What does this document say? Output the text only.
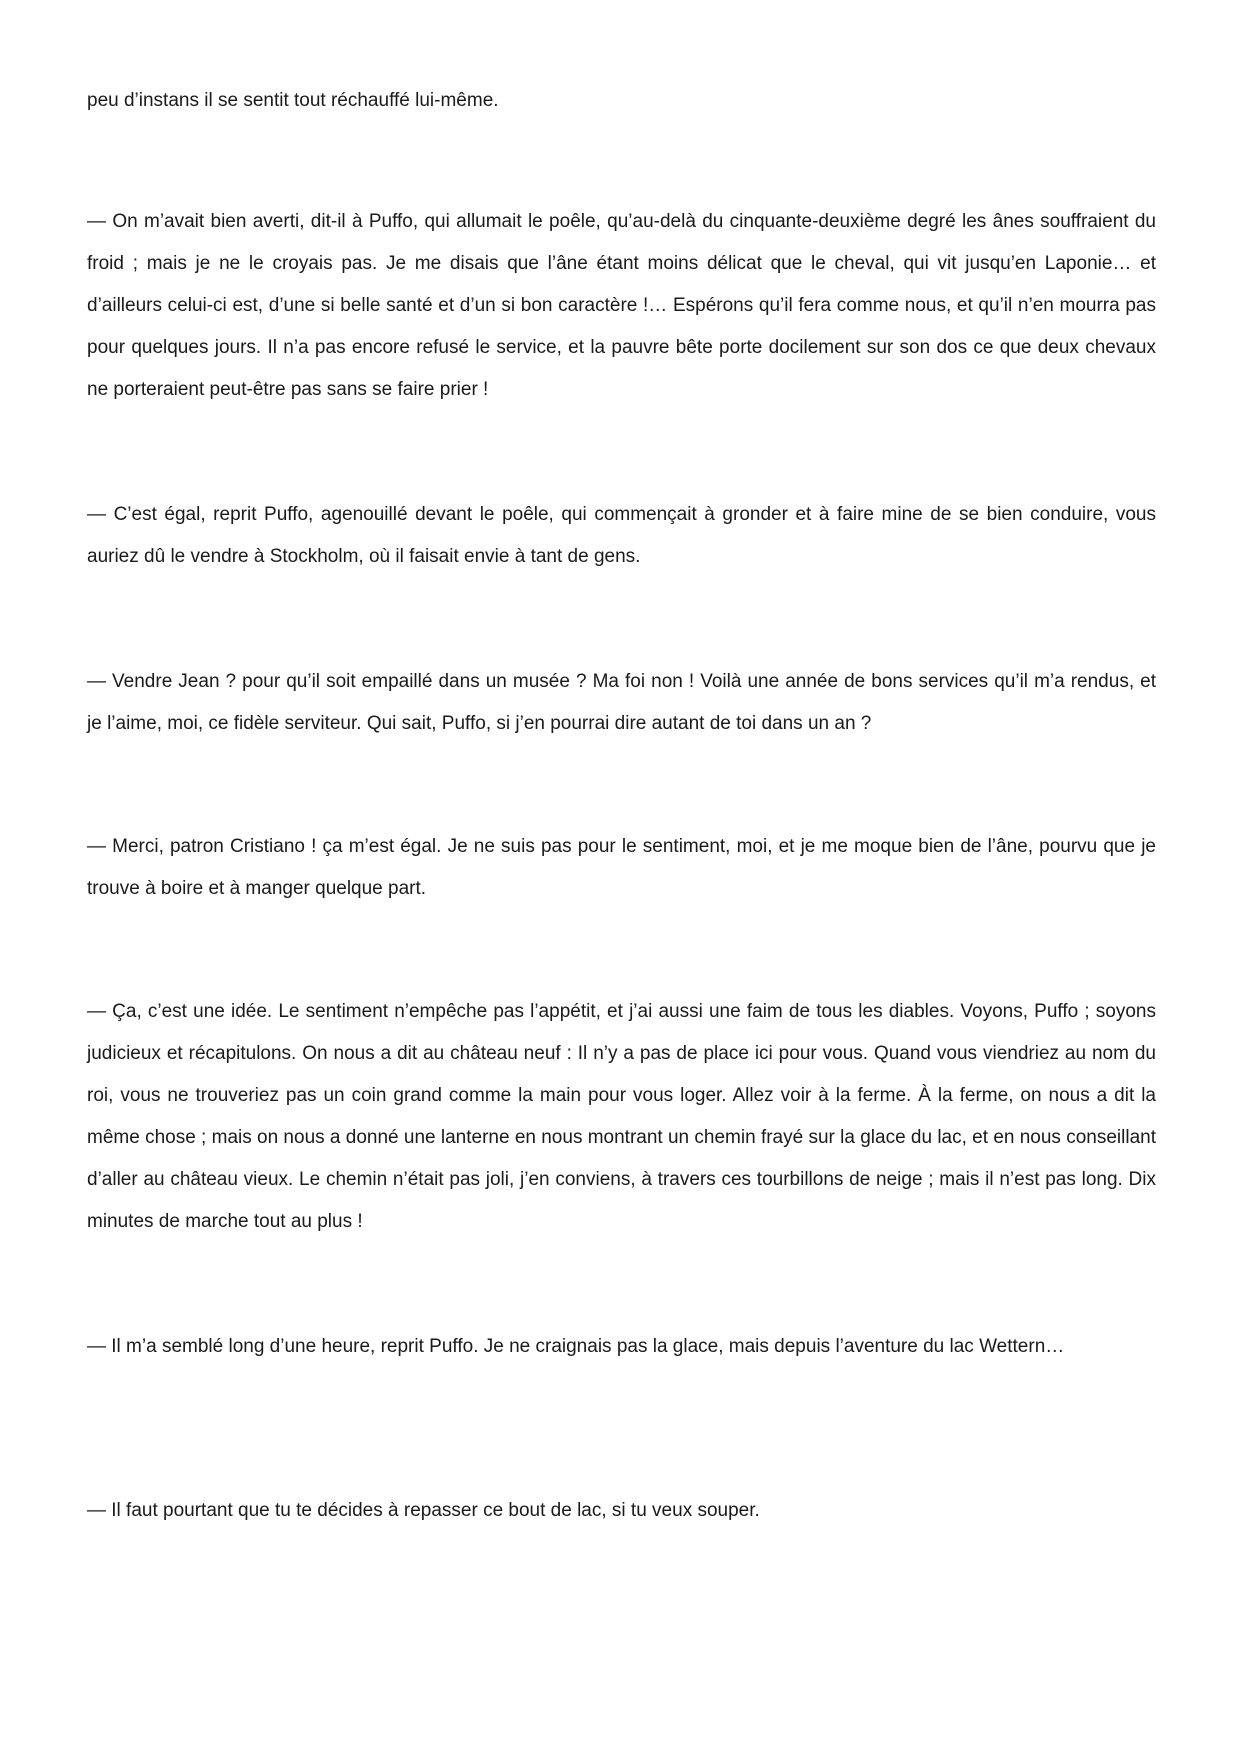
peu d’instans il se sentit tout réchauffé lui-même.

— On m’avait bien averti, dit-il à Puffo, qui allumait le poêle, qu’au-delà du cinquante-deuxième degré les ânes souffraient du froid ; mais je ne le croyais pas. Je me disais que l’âne étant moins délicat que le cheval, qui vit jusqu’en Laponie… et d’ailleurs celui-ci est, d’une si belle santé et d’un si bon caractère !… Espérons qu’il fera comme nous, et qu’il n’en mourra pas pour quelques jours. Il n’a pas encore refusé le service, et la pauvre bête porte docilement sur son dos ce que deux chevaux ne porteraient peut-être pas sans se faire prier !

— C’est égal, reprit Puffo, agenouillé devant le poêle, qui commençait à gronder et à faire mine de se bien conduire, vous auriez dû le vendre à Stockholm, où il faisait envie à tant de gens.

— Vendre Jean ? pour qu’il soit empaillé dans un musée ? Ma foi non ! Voilà une année de bons services qu’il m’a rendus, et je l’aime, moi, ce fidèle serviteur. Qui sait, Puffo, si j’en pourrai dire autant de toi dans un an ?

— Merci, patron Cristiano ! ça m’est égal. Je ne suis pas pour le sentiment, moi, et je me moque bien de l’âne, pourvu que je trouve à boire et à manger quelque part.

— Ça, c’est une idée. Le sentiment n’empêche pas l’appétit, et j’ai aussi une faim de tous les diables. Voyons, Puffo ; soyons judicieux et récapitulons. On nous a dit au château neuf : Il n’y a pas de place ici pour vous. Quand vous viendriez au nom du roi, vous ne trouveriez pas un coin grand comme la main pour vous loger. Allez voir à la ferme. À la ferme, on nous a dit la même chose ; mais on nous a donné une lanterne en nous montrant un chemin frayé sur la glace du lac, et en nous conseillant d’aller au château vieux. Le chemin n’était pas joli, j’en conviens, à travers ces tourbillons de neige ; mais il n’est pas long. Dix minutes de marche tout au plus !

— Il m’a semblé long d’une heure, reprit Puffo. Je ne craignais pas la glace, mais depuis l’aventure du lac Wettern…

— Il faut pourtant que tu te décides à repasser ce bout de lac, si tu veux souper.
